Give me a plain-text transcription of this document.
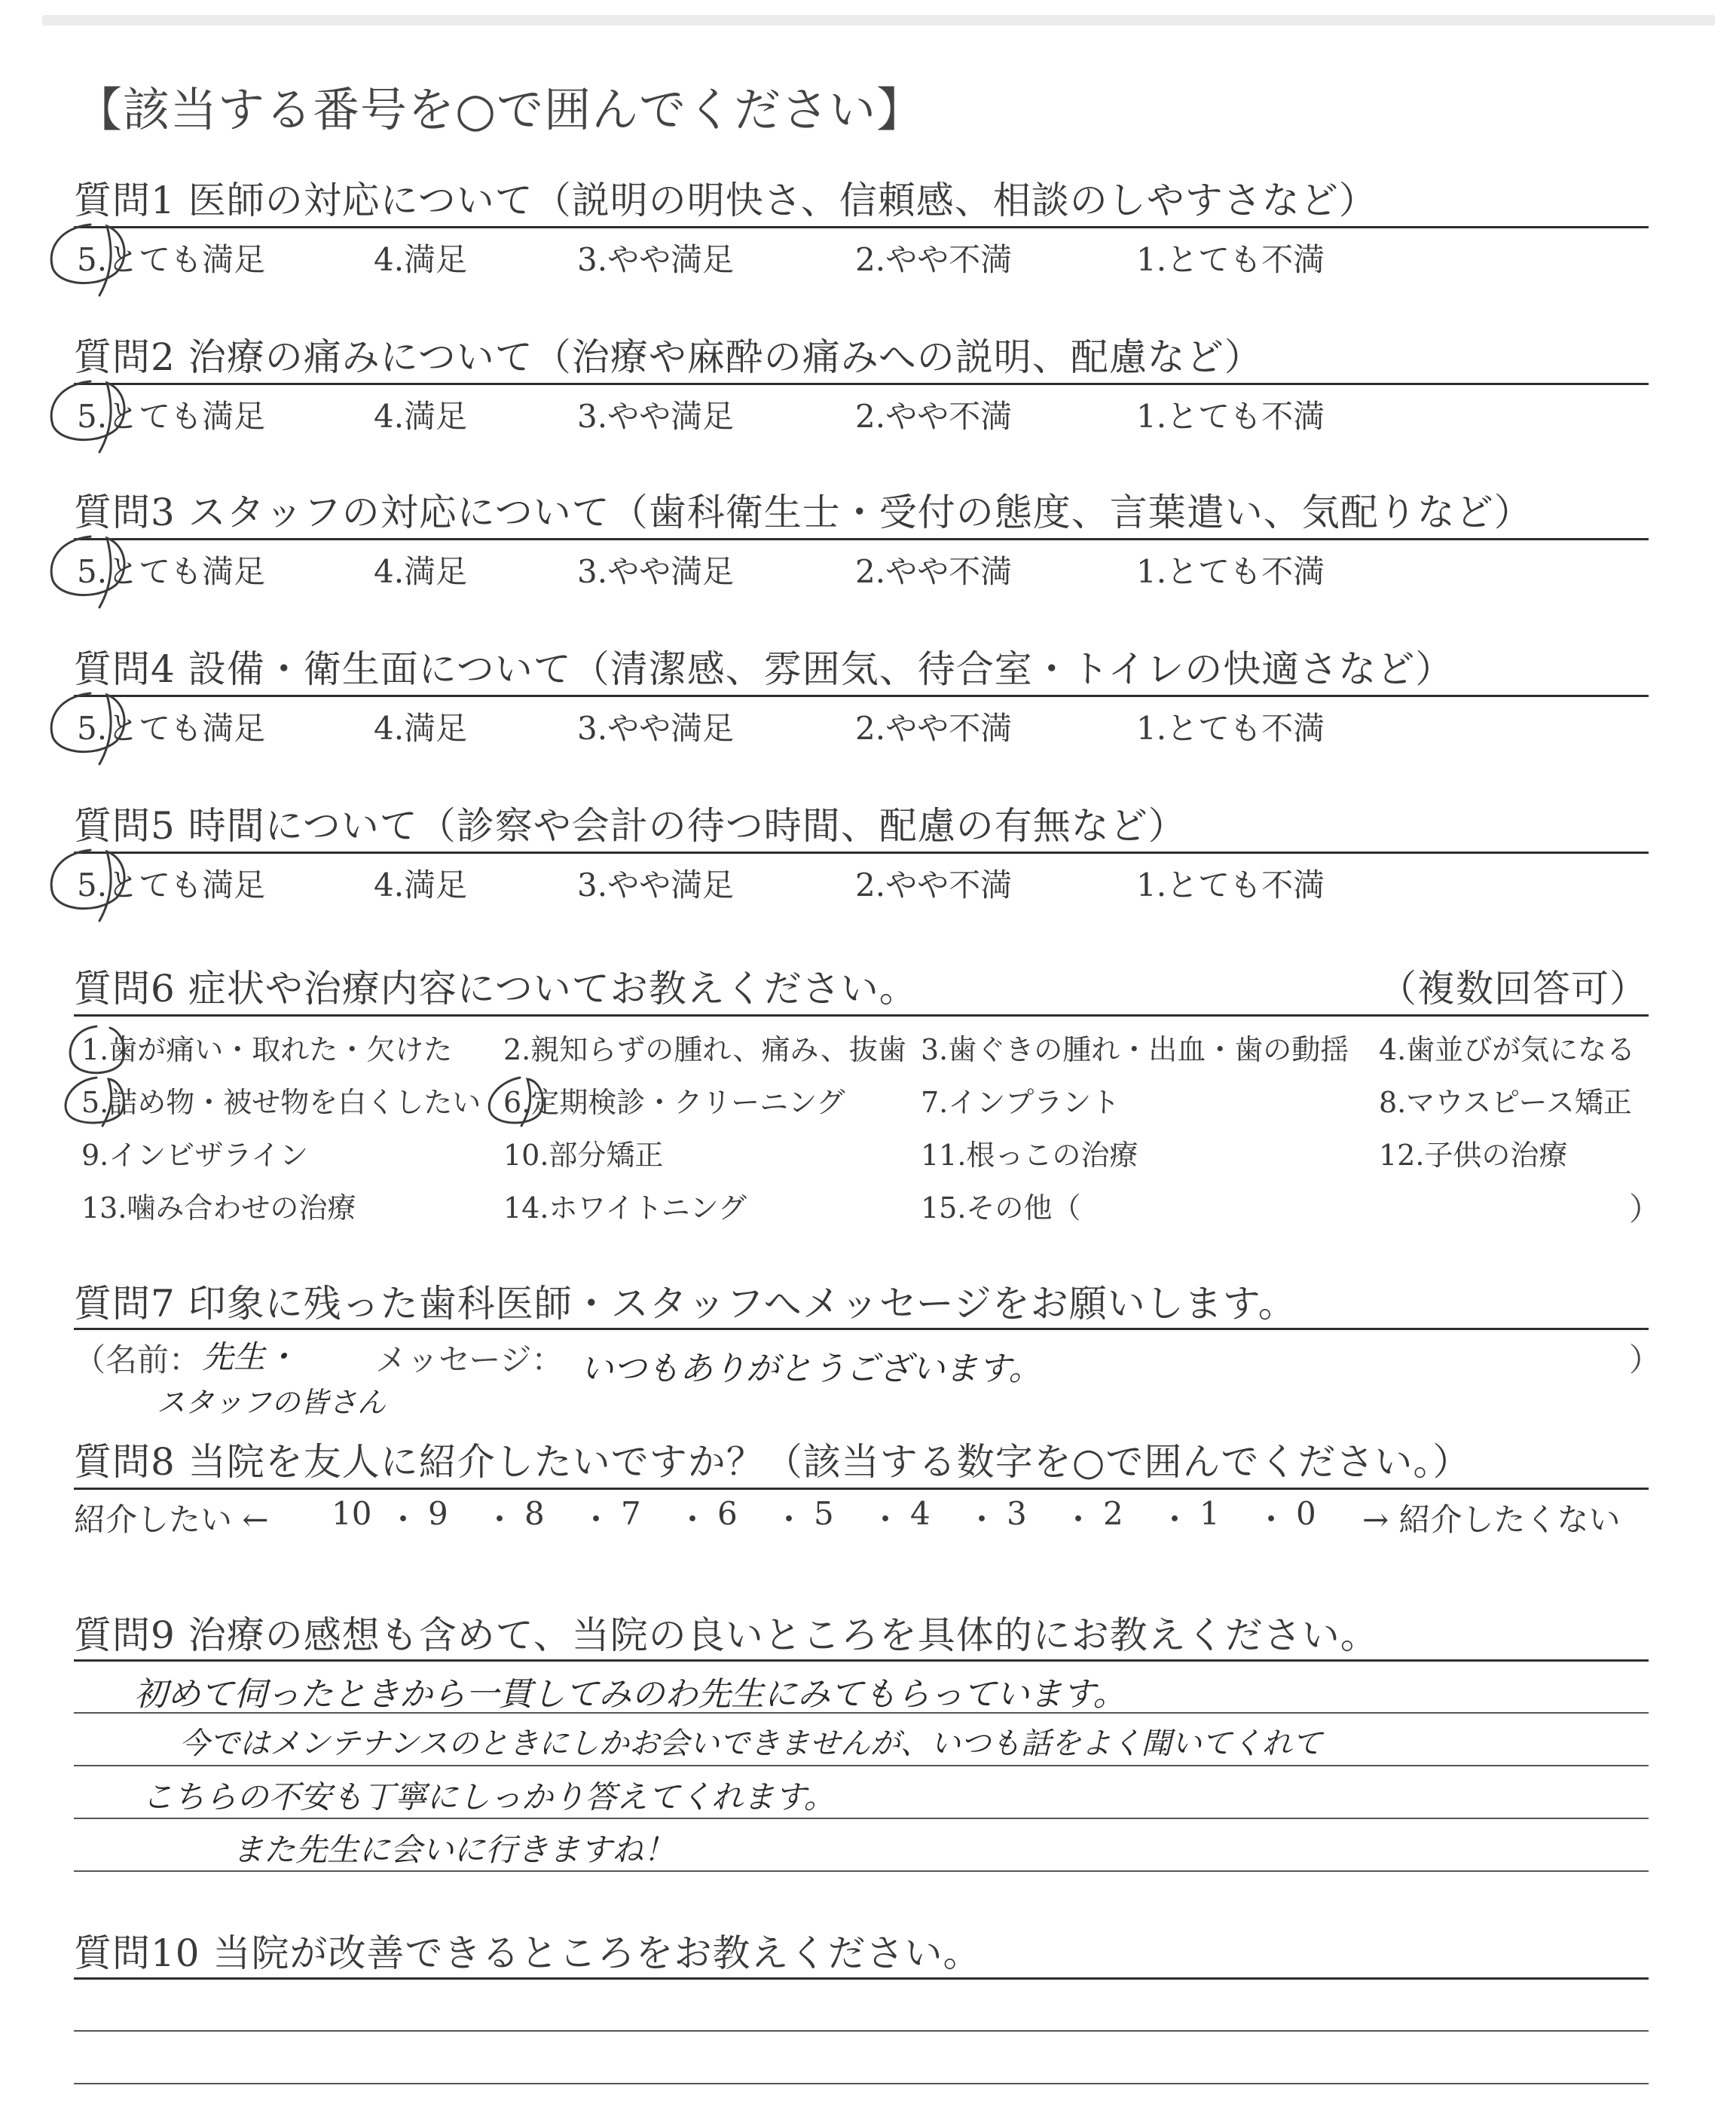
【該当する番号を○で囲んでください】
質問1 医師の対応について（説明の明快さ、信頼感、相談のしやすさなど）
5.とても満足	4.満足	3.やや満足	2.やや不満	1.とても不満
質問2 治療の痛みについて（治療や麻酔の痛みへの説明、配慮など）
5.とても満足	4.満足	3.やや満足	2.やや不満	1.とても不満
質問3 スタッフの対応について（歯科衛生士・受付の態度、言葉遣い、気配りなど）
5.とても満足	4.満足	3.やや満足	2.やや不満	1.とても不満
質問4 設備・衛生面について（清潔感、雰囲気、待合室・トイレの快適さなど）
5.とても満足	4.満足	3.やや満足	2.やや不満	1.とても不満
質問5 時間について（診察や会計の待つ時間、配慮の有無など）
5.とても満足	4.満足	3.やや満足	2.やや不満	1.とても不満
質問6 症状や治療内容についてお教えください。	（複数回答可）
1.歯が痛い・取れた・欠けた 2.親知らずの腫れ、痛み、抜歯 3.歯ぐきの腫れ・出血・歯の動揺 4.歯並びが気になる
5.詰め物・被せ物を白くしたい 6.定期検診・クリーニング	7.インプラント	8.マウスピース矯正
9.インビザライン	10.部分矯正	11.根っこの治療	12.子供の治療
13.噛み合わせの治療	14.ホワイトニング	15.その他（	）
質問7 印象に残った歯科医師・スタッフへメッセージをお願いします。
（名前： 先生・
スタッフの皆さん
メッセージ： いつもありがとうございます。	）
質問8 当院を友人に紹介したいですか？（該当する数字を○で囲んでください。）
紹介したい ← 10 ・ 9 ・ 8 ・ 7 ・ 6 ・ 5 ・ 4 ・ 3 ・ 2 ・ 1 ・ 0 → 紹介したくない
質問9 治療の感想も含めて、当院の良いところを具体的にお教えください。
初めて伺ったときから一貫してみのわ先生にみてもらっています。
今ではメンテナンスのときにしかお会いできませんが、いつも話をよく聞いてくれて
こちらの不安も丁寧にしっかり答えてくれます。
また先生に会いに行きますね！
質問10 当院が改善できるところをお教えください。
